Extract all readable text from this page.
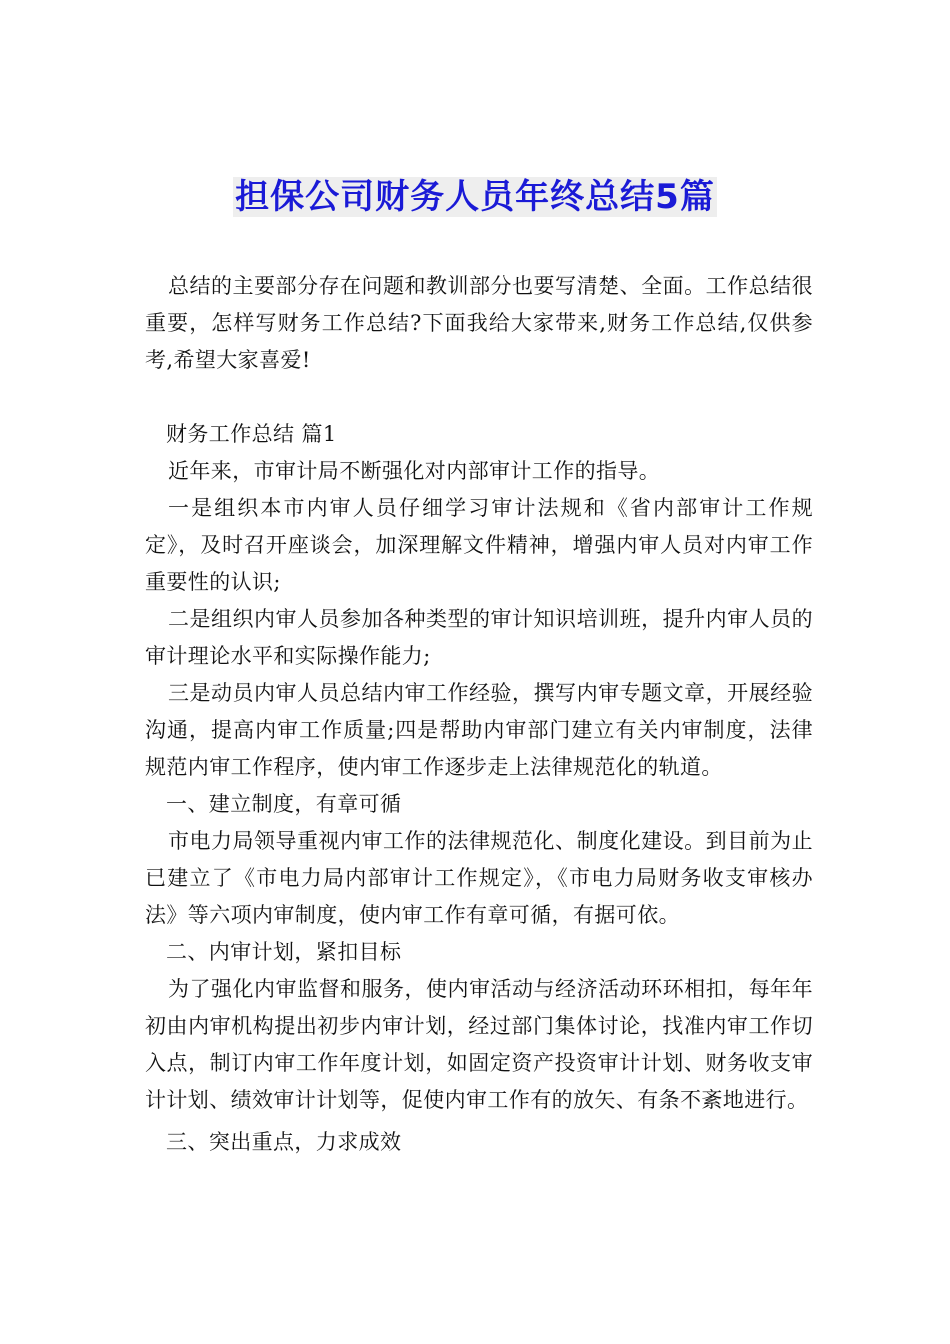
担保公司财务人员年终总结5篇

总结的主要部分存在问题和教训部分也要写清楚、全面。工作总结很重要，怎样写财务工作总结?下面我给大家带来,财务工作总结,仅供参考,希望大家喜爱!

财务工作总结 篇1

近年来，市审计局不断强化对内部审计工作的指导。

一是组织本市内审人员仔细学习审计法规和《省内部审计工作规定》，及时召开座谈会，加深理解文件精神，增强内审人员对内审工作重要性的认识;

二是组织内审人员参加各种类型的审计知识培训班，提升内审人员的审计理论水平和实际操作能力;

三是动员内审人员总结内审工作经验，撰写内审专题文章，开展经验沟通，提高内审工作质量;四是帮助内审部门建立有关内审制度，法律规范内审工作程序，使内审工作逐步走上法律规范化的轨道。

一、建立制度，有章可循

市电力局领导重视内审工作的法律规范化、制度化建设。到目前为止已建立了《市电力局内部审计工作规定》，《市电力局财务收支审核办法》等六项内审制度，使内审工作有章可循，有据可依。

二、内审计划，紧扣目标

为了强化内审监督和服务，使内审活动与经济活动环环相扣，每年年初由内审机构提出初步内审计划，经过部门集体讨论，找准内审工作切入点，制订内审工作年度计划，如固定资产投资审计计划、财务收支审计计划、绩效审计计划等，促使内审工作有的放矢、有条不紊地进行。

三、突出重点，力求成效
